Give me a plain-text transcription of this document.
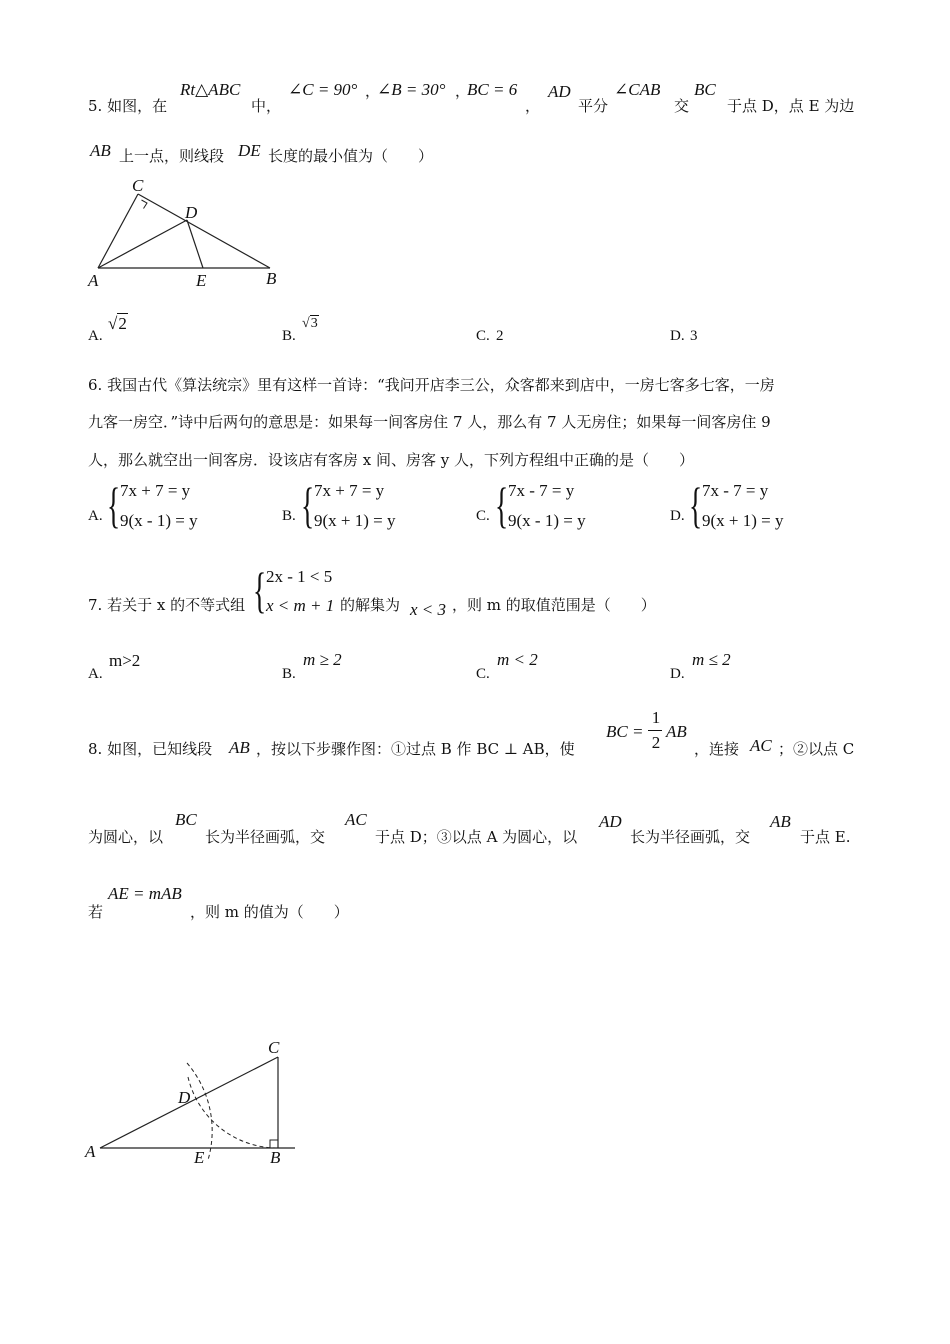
5. 如图，在
Rt△ABC
中，
∠C = 90° ，
∠B = 30° ，
BC = 6
，
AD
平分
∠CAB
交
BC
于点 D，点 E 为边
AB 上一点，则线段 DE 长度的最小值为（　　）
C
D
A	E	B
A.
√2
B.
√3
C. 2	D. 3
6. 我国古代《算法统宗》里有这样一首诗：“我问开店李三公，众客都来到店中，一房七客多七客，一房
九客一房空．”诗中后两句的意思是：如果每一间客房住 7 人，那么有 7 人无房住；如果每一间客房住 9
人，那么就空出一间客房．设该店有客房 x 间、房客 y 人，下列方程组中正确的是（　　）
A. { 7x + 7 = y
9(x - 1) = y	B. { 7x + 7 = y
9(x + 1) = y	C. { 7x - 7 = y
9(x - 1) = y	D. { 7x - 7 = y
9(x + 1) = y
7. 若关于 x 的不等式组 { 2x - 1 < 5
x < m + 1 的解集为 x < 3 ，则 m 的取值范围是（　　）
A.
m>2
B.
m ≥ 2
C.
m < 2
D.
m ≤ 2
8. 如图，已知线段 AB ，按以下步骤作图：①过点 B 作 BC ⊥ AB，使
BC =
1
2
AB
，连接 AC ；②以点 C
为圆心，以
BC
长为半径画弧，交
AC
于点 D；③以点 A 为圆心，以
AD
长为半径画弧，交
AB
于点 E.
若
AE = mAB
，则 m 的值为（　　）
C
D
A	E	B
